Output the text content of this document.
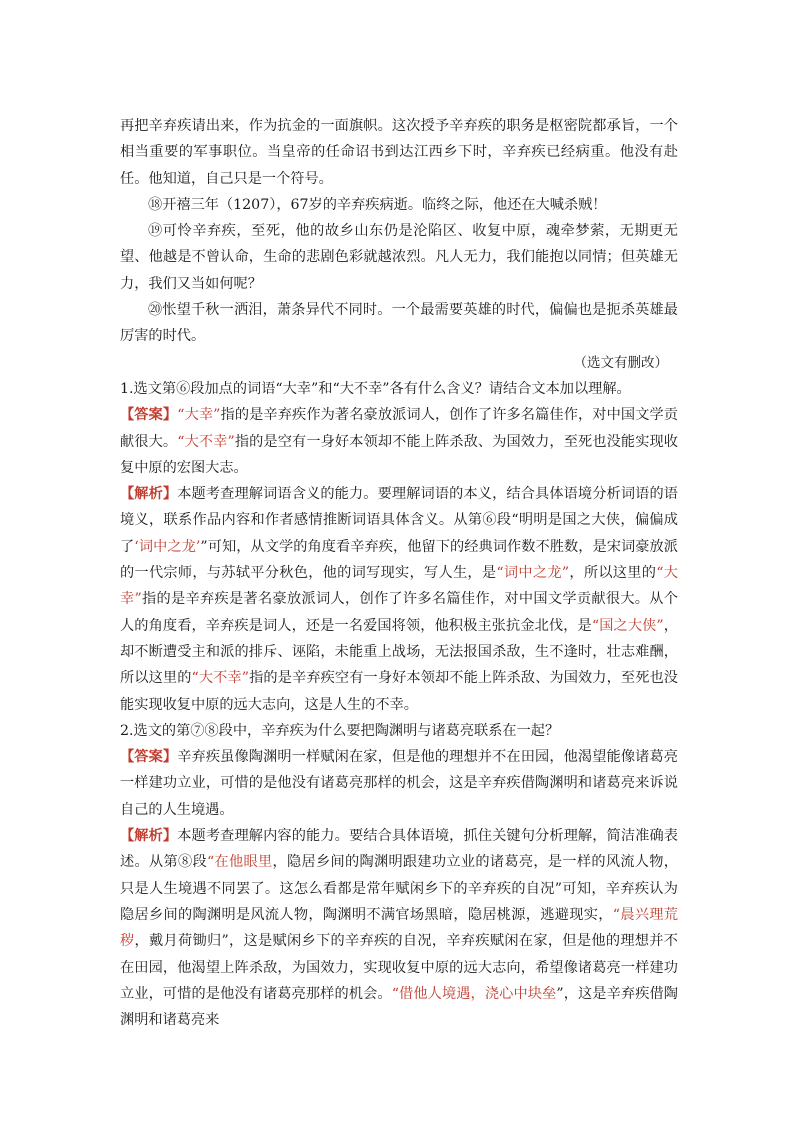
再把辛弃疾请出来，作为抗金的一面旗帜。这次授予辛弃疾的职务是枢密院都承旨，一个相当重要的军事职位。当皇帝的任命诏书到达江西乡下时，辛弃疾已经病重。他没有赴任。他知道，自己只是一个符号。

⑱开禧三年（1207），67岁的辛弃疾病逝。临终之际，他还在大喊杀贼！

⑲可怜辛弃疾，至死，他的故乡山东仍是沦陷区、收复中原，魂牵梦萦，无期更无望、他越是不曾认命，生命的悲剧色彩就越浓烈。凡人无力，我们能抱以同情；但英雄无力，我们又当如何呢？

⑳怅望千秋一洒泪，萧条异代不同时。一个最需要英雄的时代，偏偏也是扼杀英雄最厉害的时代。

（选文有删改）

1.选文第⑥段加点的词语“大幸”和“大不幸”各有什么含义？请结合文本加以理解。

【答案】“大幸”指的是辛弃疾作为著名豪放派词人，创作了许多名篇佳作，对中国文学贡献很大。“大不幸”指的是空有一身好本领却不能上阵杀敌、为国效力，至死也没能实现收复中原的宏图大志。

【解析】本题考查理解词语含义的能力。要理解词语的本义，结合具体语境分析词语的语境义，联系作品内容和作者感情推断词语具体含义。从第⑥段“明明是国之大侠，偏偏成了‘词中之龙’”可知，从文学的角度看辛弃疾，他留下的经典词作数不胜数，是宋词豪放派的一代宗师，与苏轼平分秋色，他的词写现实，写人生，是“词中之龙”，所以这里的“大幸”指的是辛弃疾是著名豪放派词人，创作了许多名篇佳作，对中国文学贡献很大。从个人的角度看，辛弃疾是词人，还是一名爱国将领，他积极主张抗金北伐，是“国之大侠”，却不断遭受主和派的排斥、诬陷，未能重上战场，无法报国杀敌，生不逢时，壮志难酬，所以这里的“大不幸”指的是辛弃疾空有一身好本领却不能上阵杀敌、为国效力，至死也没能实现收复中原的远大志向，这是人生的不幸。

2.选文的第⑦⑧段中，辛弃疾为什么要把陶渊明与诸葛亮联系在一起？

【答案】辛弃疾虽像陶渊明一样赋闲在家，但是他的理想并不在田园，他渴望能像诸葛亮一样建功立业，可惜的是他没有诸葛亮那样的机会，这是辛弃疾借陶渊明和诸葛亮来诉说自己的人生境遇。

【解析】本题考查理解内容的能力。要结合具体语境，抓住关键句分析理解，简洁准确表述。从第⑧段“在他眼里，隐居乡间的陶渊明跟建功立业的诸葛亮，是一样的风流人物，只是人生境遇不同罢了。这怎么看都是常年赋闲乡下的辛弃疾的自况”可知，辛弃疾认为隐居乡间的陶渊明是风流人物，陶渊明不满官场黑暗，隐居桃源，逃避现实，“晨兴理荒秽，戴月荷锄归”，这是赋闲乡下的辛弃疾的自况，辛弃疾赋闲在家，但是他的理想并不在田园，他渴望上阵杀敌，为国效力，实现收复中原的远大志向，希望像诸葛亮一样建功立业，可惜的是他没有诸葛亮那样的机会。“借他人境遇，浇心中块垒”，这是辛弃疾借陶渊明和诸葛亮来
